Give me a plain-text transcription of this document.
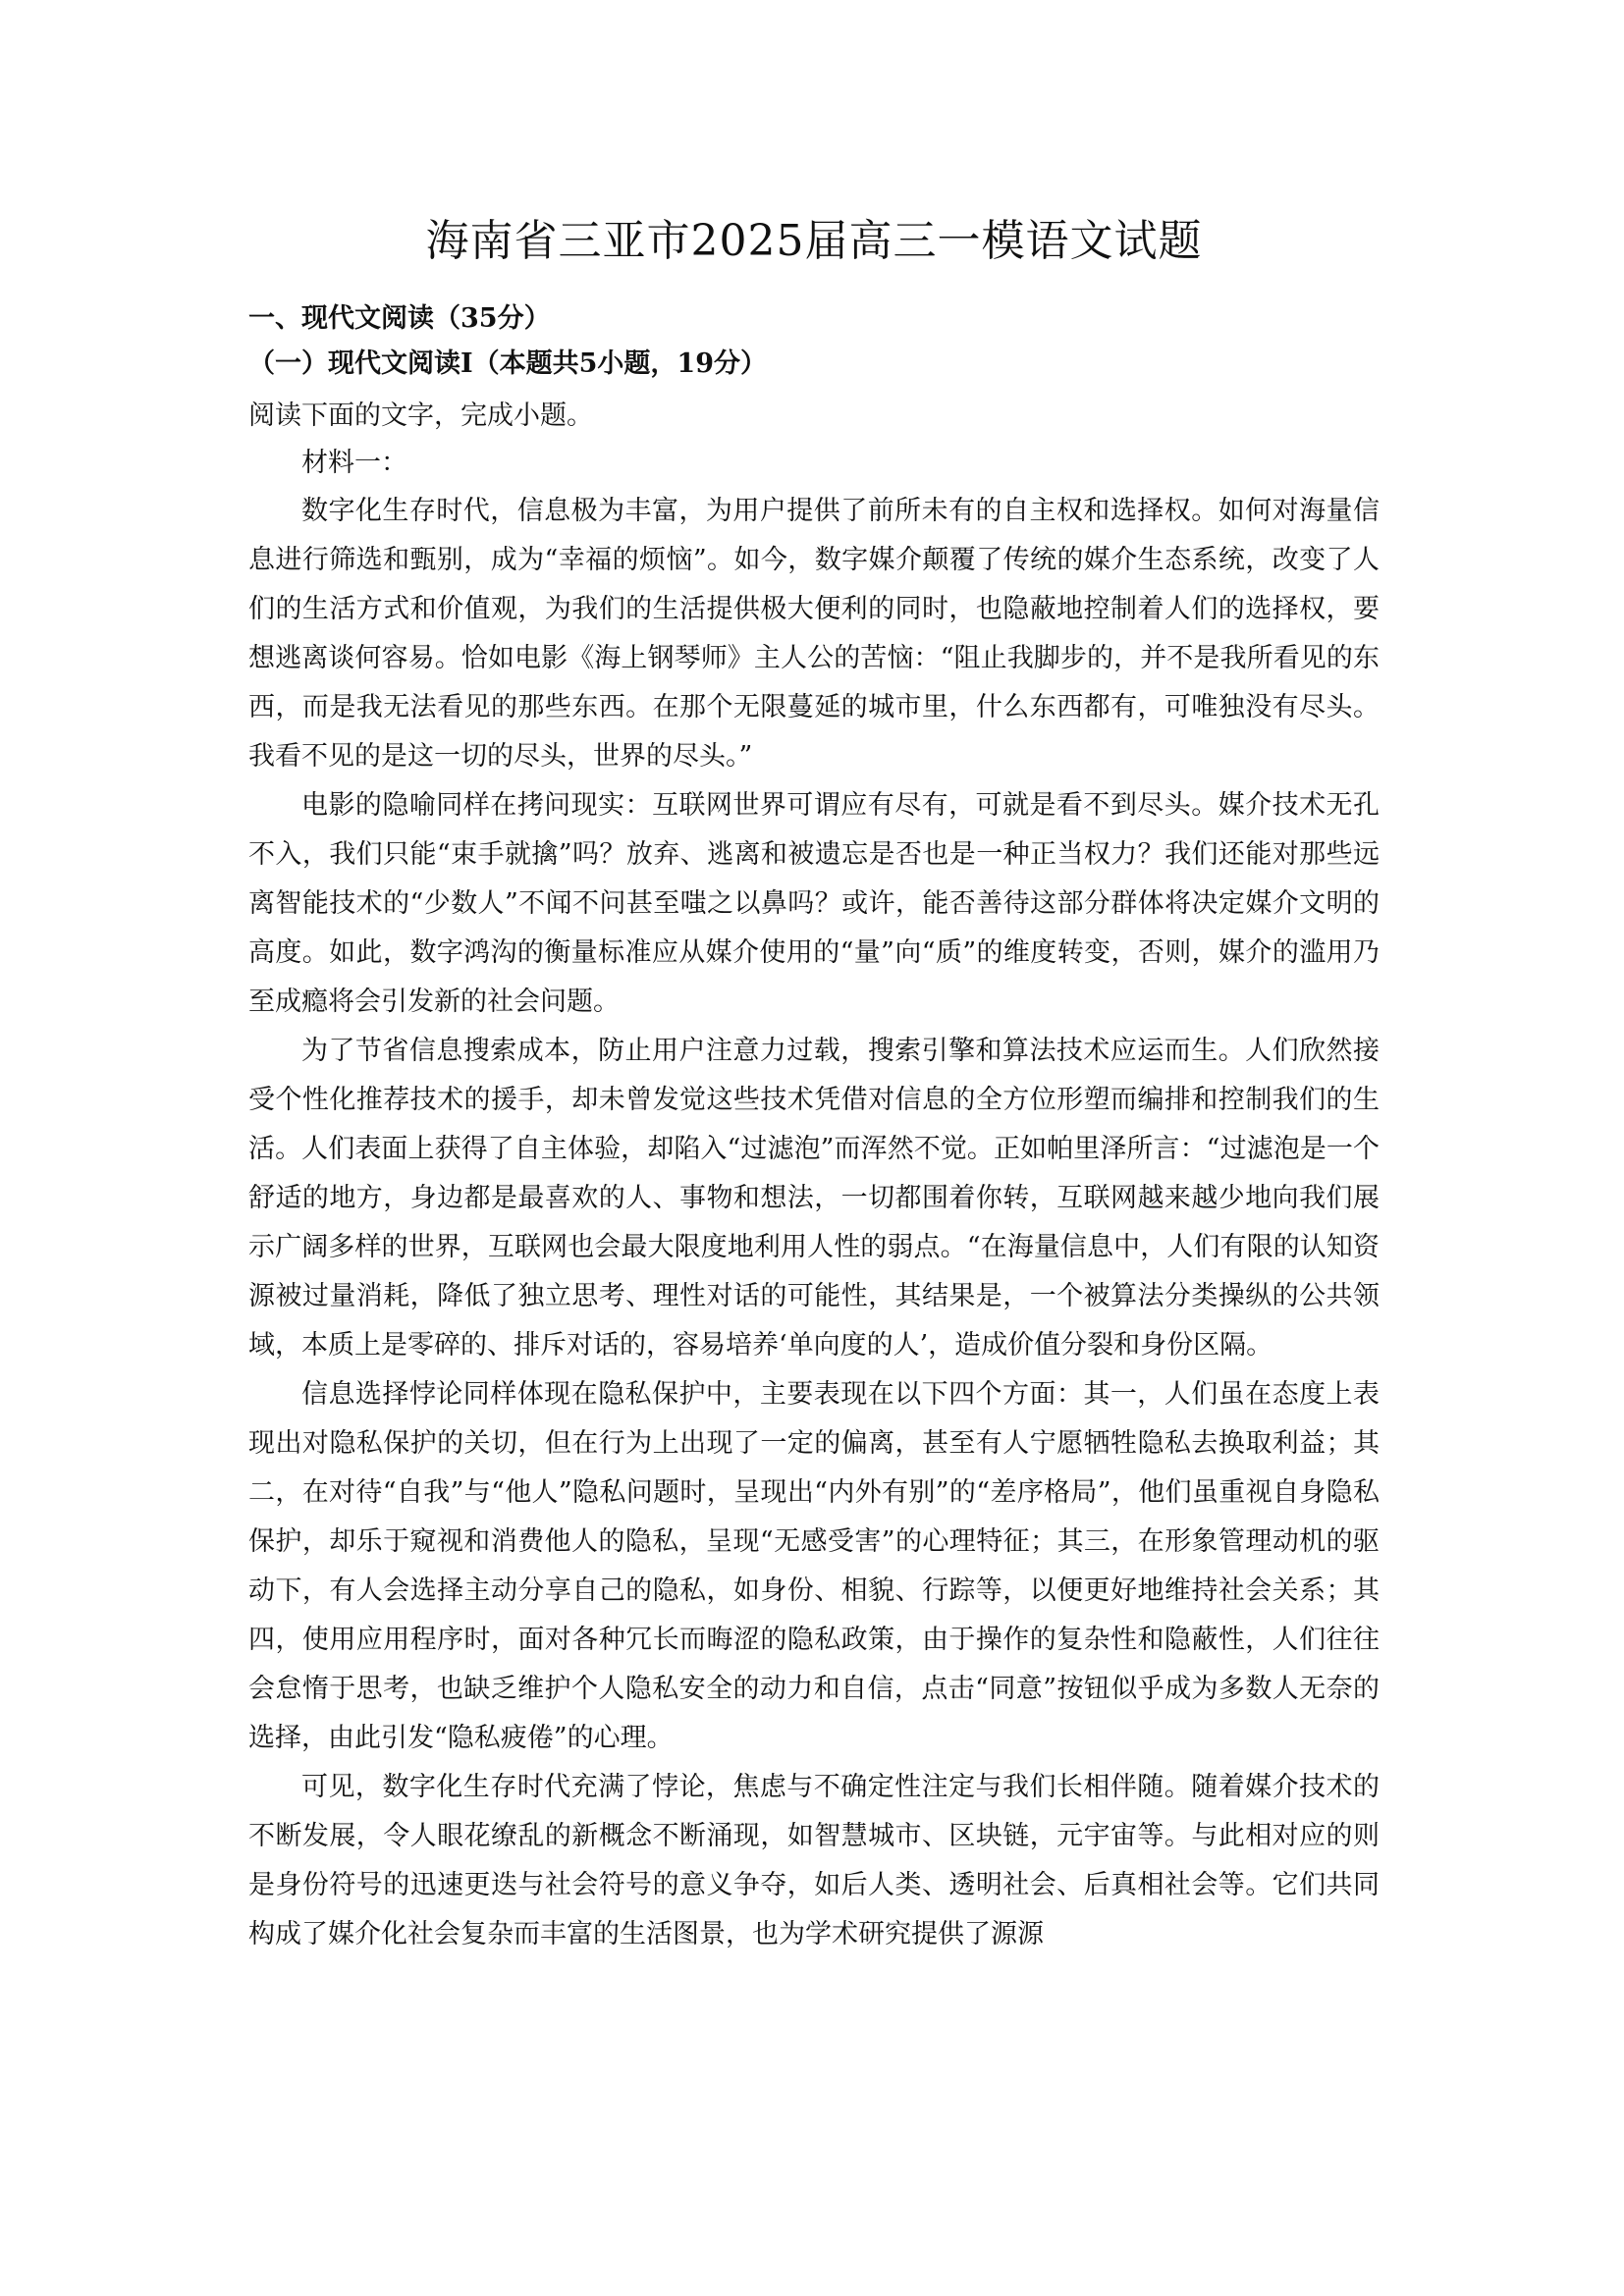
海南省三亚市2025届高三一模语文试题
一、现代文阅读（35分）
（一）现代文阅读I（本题共5小题，19分）
阅读下面的文字，完成小题。
材料一：

数字化生存时代，信息极为丰富，为用户提供了前所未有的自主权和选择权。如何对海量信息进行筛选和甄别，成为“幸福的烦恼”。如今，数字媒介颠覆了传统的媒介生态系统，改变了人们的生活方式和价值观，为我们的生活提供极大便利的同时，也隐蔽地控制着人们的选择权，要想逃离谈何容易。恰如电影《海上钢琴师》主人公的苦恼：“阻止我脚步的，并不是我所看见的东西，而是我无法看见的那些东西。在那个无限蔓延的城市里，什么东西都有，可唯独没有尽头。我看不见的是这一切的尽头，世界的尽头。”

电影的隐喻同样在拷问现实：互联网世界可谓应有尽有，可就是看不到尽头。媒介技术无孔不入，我们只能“束手就擒”吗？放弃、逃离和被遗忘是否也是一种正当权力？我们还能对那些远离智能技术的“少数人”不闻不问甚至嗤之以鼻吗？或许，能否善待这部分群体将决定媒介文明的高度。如此，数字鸿沟的衡量标准应从媒介使用的“量”向“质”的维度转变，否则，媒介的滥用乃至成瘾将会引发新的社会问题。

为了节省信息搜索成本，防止用户注意力过载，搜索引擎和算法技术应运而生。人们欣然接受个性化推荐技术的援手，却未曾发觉这些技术凭借对信息的全方位形塑而编排和控制我们的生活。人们表面上获得了自主体验，却陷入“过滤泡”而浑然不觉。正如帕里泽所言：“过滤泡是一个舒适的地方，身边都是最喜欢的人、事物和想法，一切都围着你转，互联网越来越少地向我们展示广阔多样的世界，互联网也会最大限度地利用人性的弱点。“在海量信息中，人们有限的认知资源被过量消耗，降低了独立思考、理性对话的可能性，其结果是，一个被算法分类操纵的公共领域，本质上是零碎的、排斥对话的，容易培养‘单向度的人’，造成价值分裂和身份区隔。

信息选择悖论同样体现在隐私保护中，主要表现在以下四个方面：其一，人们虽在态度上表现出对隐私保护的关切，但在行为上出现了一定的偏离，甚至有人宁愿牺牲隐私去换取利益；其二，在对待“自我”与“他人”隐私问题时，呈现出“内外有别”的“差序格局”，他们虽重视自身隐私保护，却乐于窥视和消费他人的隐私，呈现“无感受害”的心理特征；其三，在形象管理动机的驱动下，有人会选择主动分享自己的隐私，如身份、相貌、行踪等，以便更好地维持社会关系；其四，使用应用程序时，面对各种冗长而晦涩的隐私政策，由于操作的复杂性和隐蔽性，人们往往会怠惰于思考，也缺乏维护个人隐私安全的动力和自信，点击“同意”按钮似乎成为多数人无奈的选择，由此引发“隐私疲倦”的心理。

可见，数字化生存时代充满了悖论，焦虑与不确定性注定与我们长相伴随。随着媒介技术的不断发展，令人眼花缭乱的新概念不断涌现，如智慧城市、区块链，元宇宙等。与此相对应的则是身份符号的迅速更迭与社会符号的意义争夺，如后人类、透明社会、后真相社会等。它们共同构成了媒介化社会复杂而丰富的生活图景，也为学术研究提供了源源
